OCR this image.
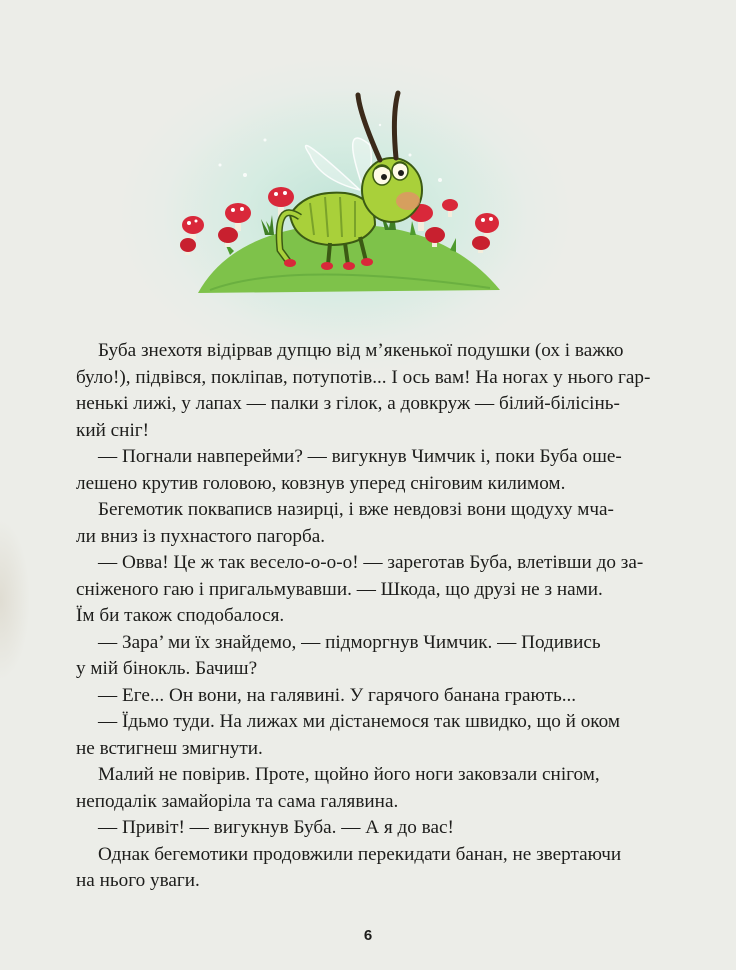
Буба знехотя відірвав дупцю від м’якенької подушки (ох і важко

було!), підвівся, покліпав, потупотів... І ось вам! На ногах у нього гар-

ненькі лижі, у лапах — палки з гілок, а довкруж — білий-білісінь-

кий сніг!

— Погнали навперейми? — вигукнув Чимчик і, поки Буба оше-

лешено крутив головою, ковзнув уперед сніговим килимом.

Бегемотик покваписв назирці, і вже невдовзі вони щодуху мча-

ли вниз із пухнастого пагорба.

— Овва! Це ж так весело-о-о-о! — зареготав Буба, влетівши до за-

сніженого гаю і пригальмувавши. — Шкода, що друзі не з нами.

Їм би також сподобалося.

— Зара’ ми їх знайдемо, — підморгнув Чимчик. — Подивись

у мій бінокль. Бачиш?

— Еге... Он вони, на галявині. У гарячого банана грають...

— Їдьмо туди. На лижах ми дістанемося так швидко, що й оком

не встигнеш змигнути.

Малий не повірив. Проте, щойно його ноги заковзали снігом,

неподалік замайоріла та сама галявина.

— Привіт! — вигукнув Буба. — А я до вас!

Однак бегемотики продовжили перекидати банан, не звертаючи

на нього уваги.

6
